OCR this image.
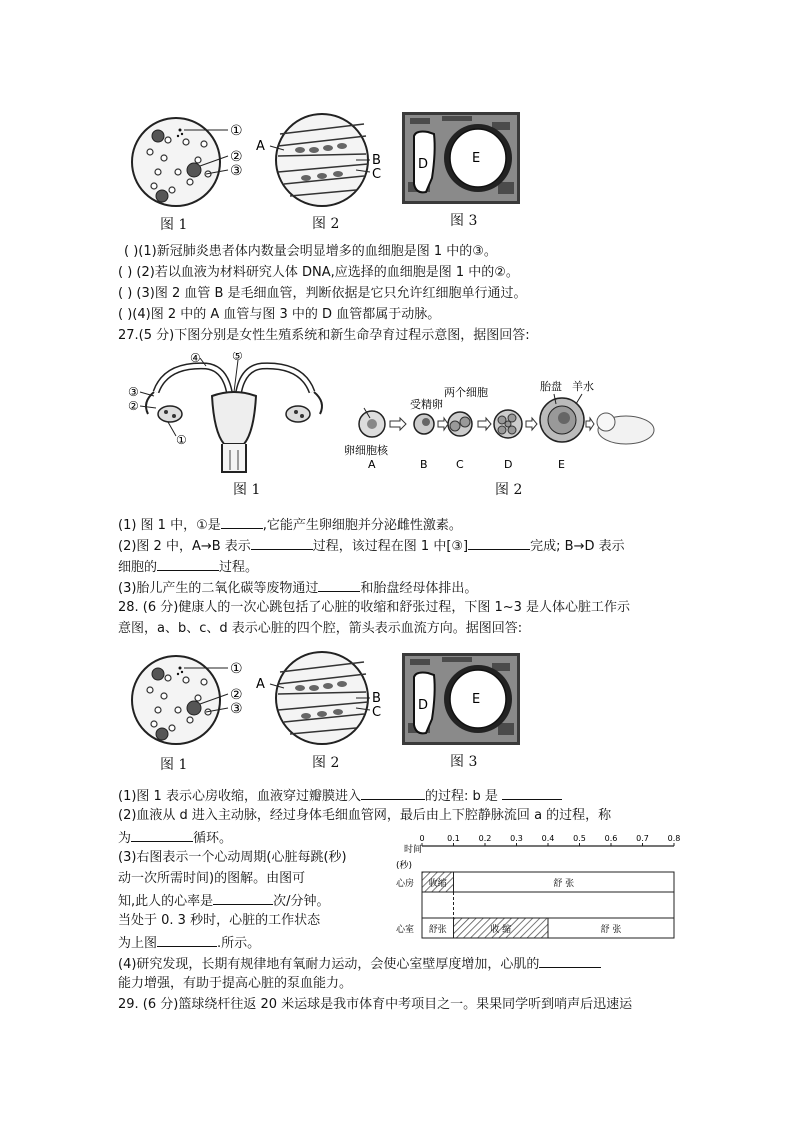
①
②
③
图 1
A
B
C
图 2
D	E
图 3
( )(1)新冠肺炎患者体内数量会明显增多的血细胞是图 1 中的③。
( ) (2)若以血液为材料研究人体 DNA,应选择的血细胞是图 1 中的②。
( ) (3)图 2 血管 B 是毛细血管，判断依据是它只允许红细胞单行通过。
( )(4)图 2 中的 A 血管与图 3 中的 D 血管都属于动脉。
27.(5 分)下图分别是女性生殖系统和新生命孕育过程示意图，据图回答:
④	⑤
③
②
①
图 1
卵细胞核
受精卵
两个细胞	胎盘 羊水
A	B	C	D	E
图 2
(1) 图 1 中，①是	,它能产生卵细胞并分泌雌性激素。
(2)图 2 中，A→B 表示	过程，该过程在图 1 中[③]	完成; B→D 表示
细胞的	过程。
(3)胎儿产生的二氧化碳等废物通过	和胎盘经母体排出。
28. (6 分)健康人的一次心跳包括了心脏的收缩和舒张过程，下图 1~3 是人体心脏工作示
意图，a、b、c、d 表示心脏的四个腔，箭头表示血流方向。据图回答:
①
②
③
图 1
A
B
C
图 2
D	E
图 3
(1)图 1 表示心房收缩，血液穿过瓣膜进入	的过程: b 是
(2)血液从 d 进入主动脉，经过身体毛细血管网，最后由上下腔静脉流回 a 的过程，称
为	循环。
(3)右图表示一个心动周期(心脏每跳(秒)
动一次所需时间)的图解。由图可
知,此人的心率是	次/分钟。
当处于 0. 3 秒时，心脏的工作状态
为上图	.所示。
(4)研究发现，长期有规律地有氧耐力运动，会使心室壁厚度增加，心肌的
能力增强，有助于提高心脏的泵血能力。
0	0.1 0.2 0.3 0.4 0.5 0.6 0.7 0.8
心房 收缩	舒 张
心室 舒张	收 缩	舒 张
时间
(秒)
29. (6 分)篮球绕杆往返 20 米运球是我市体育中考项目之一。果果同学听到哨声后迅速运
